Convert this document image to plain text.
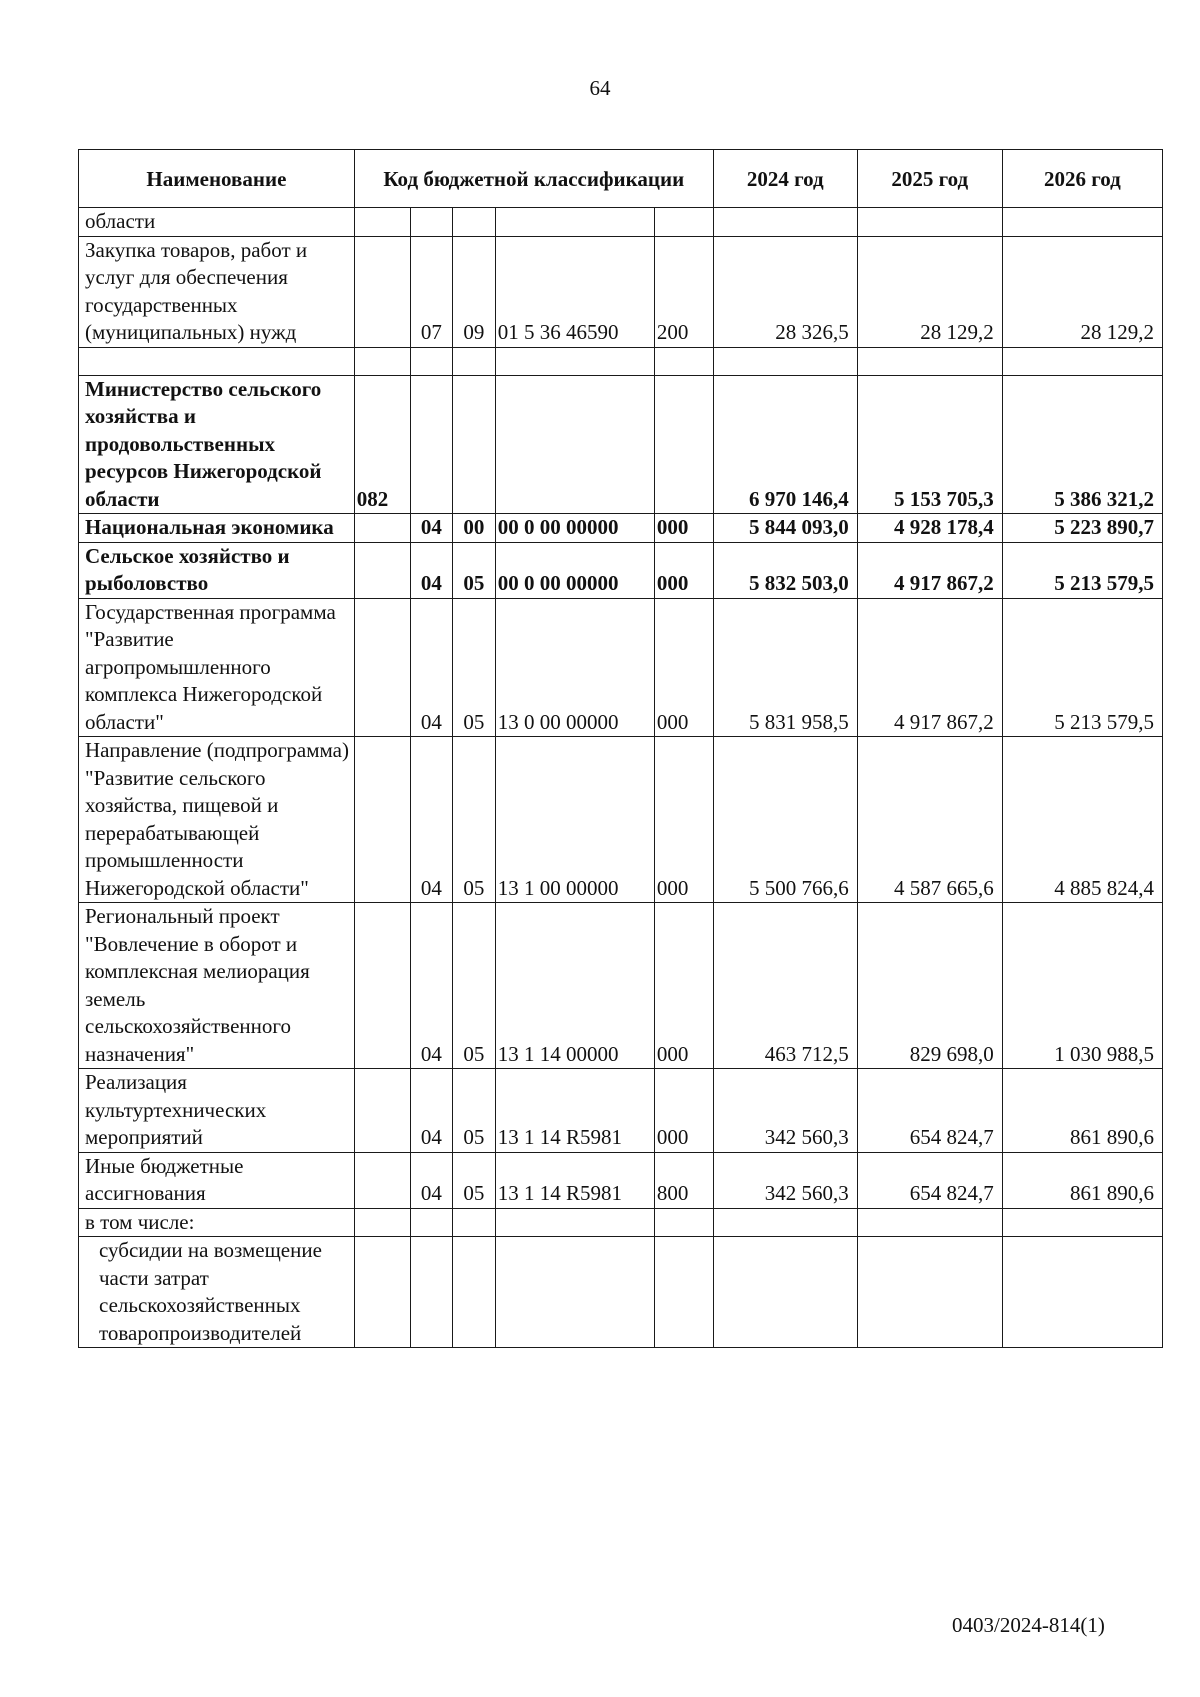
64
Наименование	Код бюджетной классификации					2024 год	2025 год	2026 год
области								
Закупка товаров, работ и услуг для обеспечения государственных (муниципальных) нужд		07	09	01 5 36 46590	200	28 326,5	28 129,2	28 129,2

Министерство сельского хозяйства и продовольственных ресурсов Нижегородской области	082					6 970 146,4	5 153 705,3	5 386 321,2
Национальная экономика		04	00	00 0 00 00000	000	5 844 093,0	4 928 178,4	5 223 890,7
Сельское хозяйство и рыболовство		04	05	00 0 00 00000	000	5 832 503,0	4 917 867,2	5 213 579,5
Государственная программа "Развитие агропромышленного комплекса Нижегородской области"		04	05	13 0 00 00000	000	5 831 958,5	4 917 867,2	5 213 579,5
Направление (подпрограмма) "Развитие сельского хозяйства, пищевой и перерабатывающей промышленности Нижегородской области"		04	05	13 1 00 00000	000	5 500 766,6	4 587 665,6	4 885 824,4
Региональный проект "Вовлечение в оборот и комплексная мелиорация земель сельскохозяйственного назначения"		04	05	13 1 14 00000	000	463 712,5	829 698,0	1 030 988,5
Реализация культуртехнических мероприятий		04	05	13 1 14 R5981	000	342 560,3	654 824,7	861 890,6
Иные бюджетные ассигнования		04	05	13 1 14 R5981	800	342 560,3	654 824,7	861 890,6
в том числе:								
субсидии на возмещение части затрат сельскохозяйственных товаропроизводителей								
0403/2024-814(1)
